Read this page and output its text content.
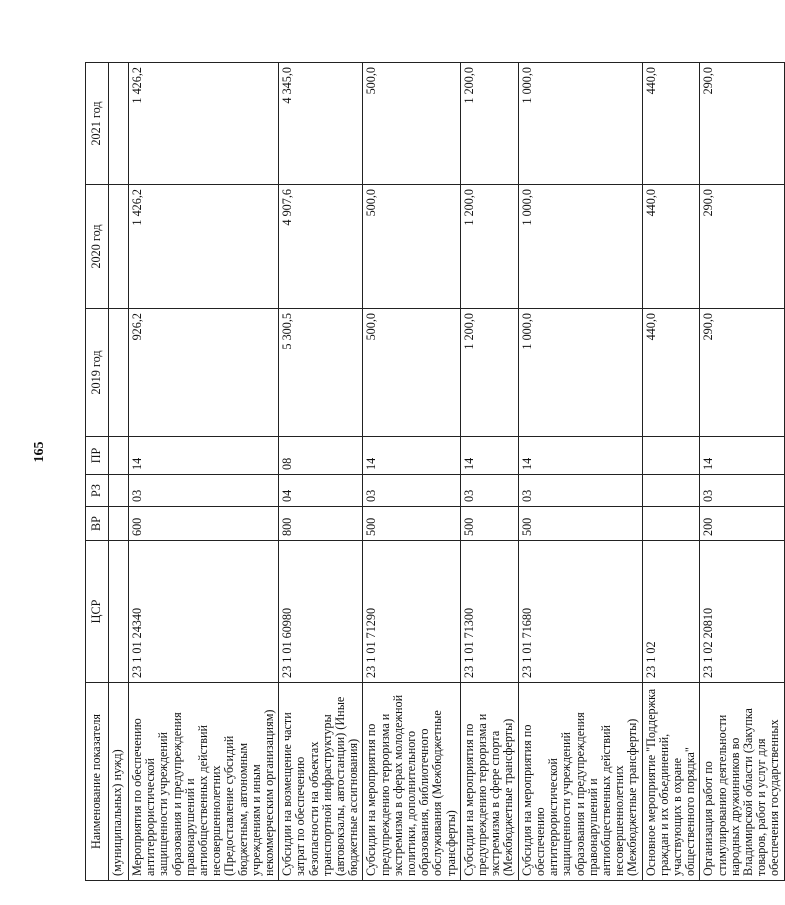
165
Наименование показателя	ЦСР	ВР	РЗ	ПР	2019 год	2020 год	2021 год
(муниципальных) нужд)							
Мероприятия по обеспечению антитеррористической защищенности учреждений образования и предупреждения правонарушений и антиобщественных действий несовершеннолетних (Предоставление субсидий бюджетным, автономным учреждениям и иным некоммерческим организациям)	23 1 01 24340	600	03	14	926,2	1 426,2	1 426,2
Субсидии на возмещение части затрат по обеспечению безопасности на объектах транспортной инфраструктуры (автовокзалы, автостанции) (Иные бюджетные ассигнования)	23 1 01 60980	800	04	08	5 300,5	4 907,6	4 345,0
Субсидии на мероприятия по предупреждению терроризма и экстремизма в сферах молодежной политики, дополнительного образования, библиотечного обслуживания (Межбюджетные трансферты)	23 1 01 71290	500	03	14	500,0	500,0	500,0
Субсидии на мероприятия по предупреждению терроризма и экстремизма в сфере спорта (Межбюджетные трансферты)	23 1 01 71300	500	03	14	1 200,0	1 200,0	1 200,0
Субсидия на мероприятия по обеспечению антитеррористической защищенности учреждений образования и предупреждения правонарушений и антиобщественных действий несовершеннолетних (Межбюджетные трансферты)	23 1 01 71680	500	03	14	1 000,0	1 000,0	1 000,0
Основное мероприятие "Поддержка граждан и их объединений, участвующих в охране общественного порядка"	23 1 02				440,0	440,0	440,0
Организация работ по стимулированию деятельности народных дружинников во Владимирской области (Закупка товаров, работ и услуг для обеспечения государственных	23 1 02 20810	200	03	14	290,0	290,0	290,0
